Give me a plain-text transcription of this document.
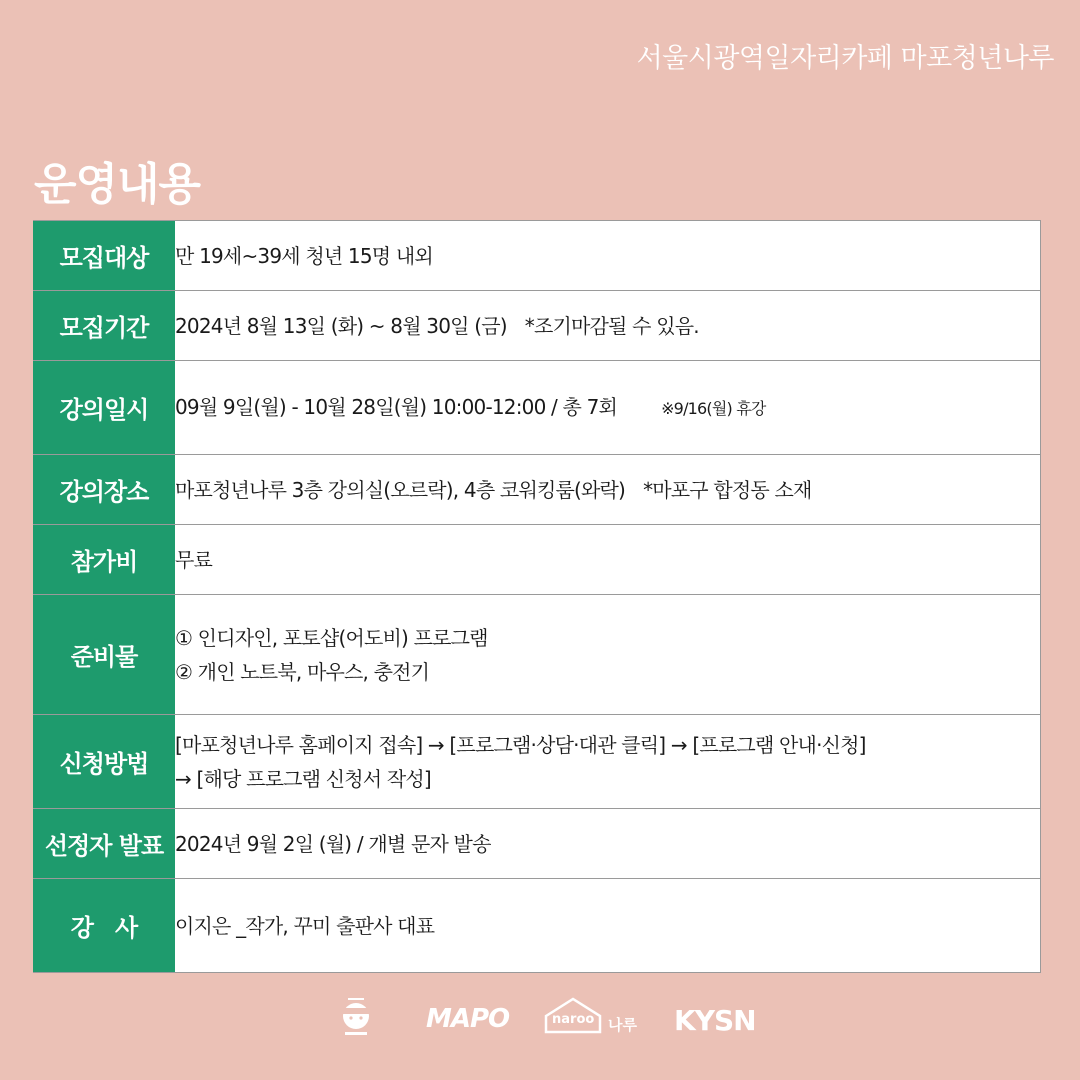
서울시광역일자리카페 마포청년나루
운영내용
모집대상	만 19세~39세 청년 15명 내외

모집기간	2024년 8월 13일 (화) ~ 8월 30일 (금) *조기마감될 수 있음.

강의일시	09월 9일(월) - 10월 28일(월) 10:00-12:00 / 총 7회 ※9/16(월) 휴강

강의장소	마포청년나루 3층 강의실(오르락), 4층 코워킹룸(와락) *마포구 합정동 소재

참가비	무료

준비물	① 인디자인, 포토샵(어도비) 프로그램
② 개인 노트북, 마우스, 충전기

신청방법	[마포청년나루 홈페이지 접속] → [프로그램·상담·대관 클릭] → [프로그램 안내·신청]
→ [해당 프로그램 신청서 작성]

선정자 발표	2024년 9월 2일 (월) / 개별 문자 발송

강   사	이지은 _작가, 꾸미 출판사 대표
MAPO	naroo 나루 KYSN
